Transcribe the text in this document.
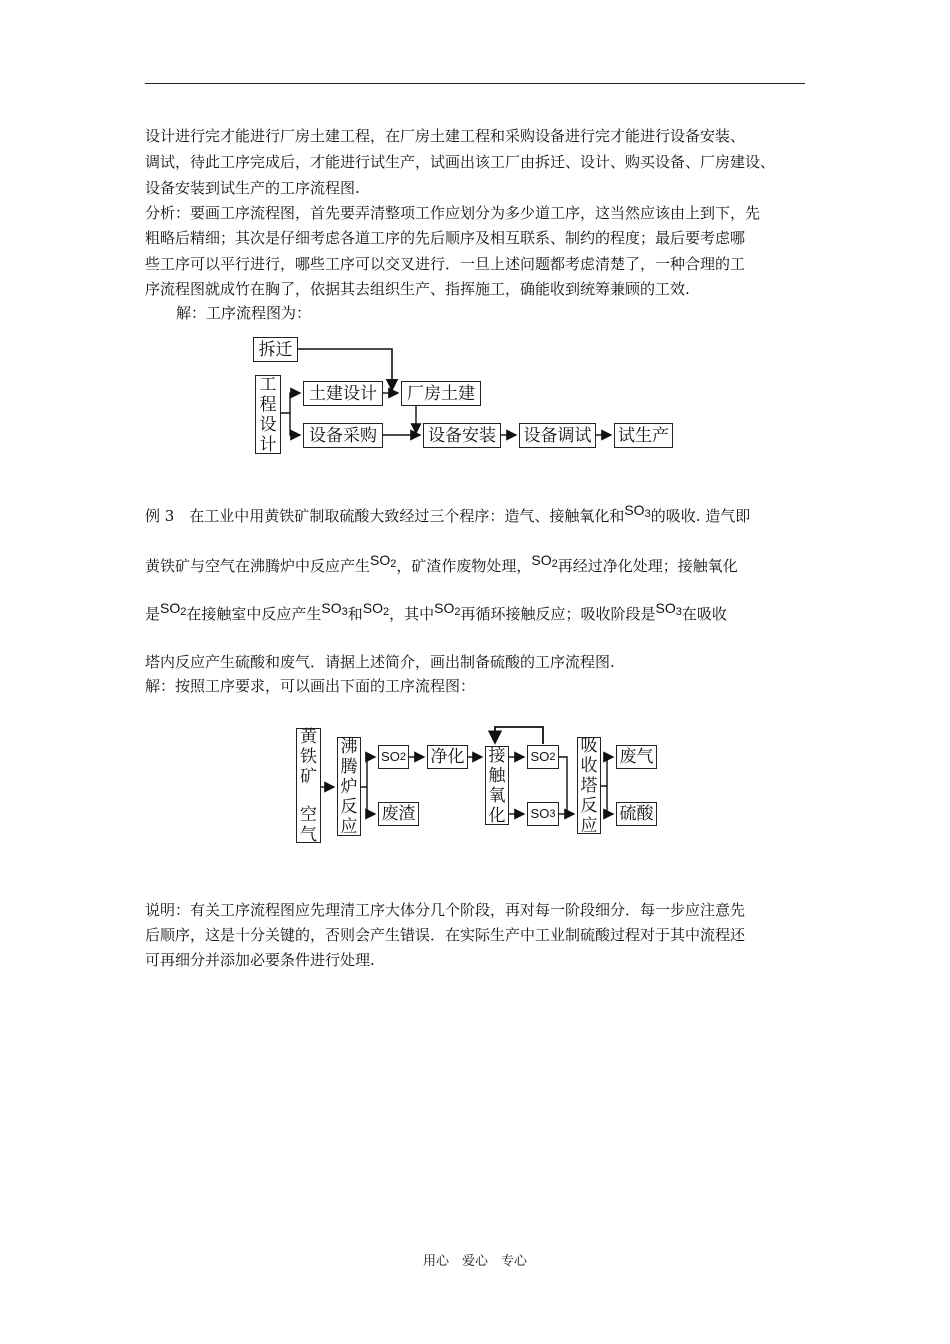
设计进行完才能进行厂房土建工程，在厂房土建工程和采购设备进行完才能进行设备安装、
调试，待此工序完成后，才能进行试生产，试画出该工厂由拆迁、设计、购买设备、厂房建设、
设备安装到试生产的工序流程图.
分析：要画工序流程图，首先要弄清整项工作应划分为多少道工序，这当然应该由上到下，先
粗略后精细；其次是仔细考虑各道工序的先后顺序及相互联系、制约的程度；最后要考虑哪
些工序可以平行进行，哪些工序可以交叉进行．一旦上述问题都考虑清楚了，一种合理的工
序流程图就成竹在胸了，依据其去组织生产、指挥施工，确能收到统筹兼顾的工效.
解：工序流程图为：
拆迁
工
程
设
计
土建设计	厂房土建
设备采购	设备安装 设备调试 试生产
例 3　在工业中用黄铁矿制取硫酸大致经过三个程序：造气、接触氧化和SO3的吸收. 造气即
黄铁矿与空气在沸腾炉中反应产生SO2，矿渣作废物处理，SO2再经过净化处理；接触氧化
是SO2在接触室中反应产生SO3和SO2，其中SO2再循环接触反应；吸收阶段是SO3在吸收
塔内反应产生硫酸和废气．请据上述简介，画出制备硫酸的工序流程图.
解：按照工序要求，可以画出下面的工序流程图：
黄
铁
矿
空
气
沸
腾
炉
反
应
SO 2 净化
废渣
接
触
氧
化
SO 2
SO 3
吸
收
塔
反
应
废气
硫酸
说明：有关工序流程图应先理清工序大体分几个阶段，再对每一阶段细分．每一步应注意先
后顺序，这是十分关键的，否则会产生错误．在实际生产中工业制硫酸过程对于其中流程还
可再细分并添加必要条件进行处理.
用心　爱心　专心
